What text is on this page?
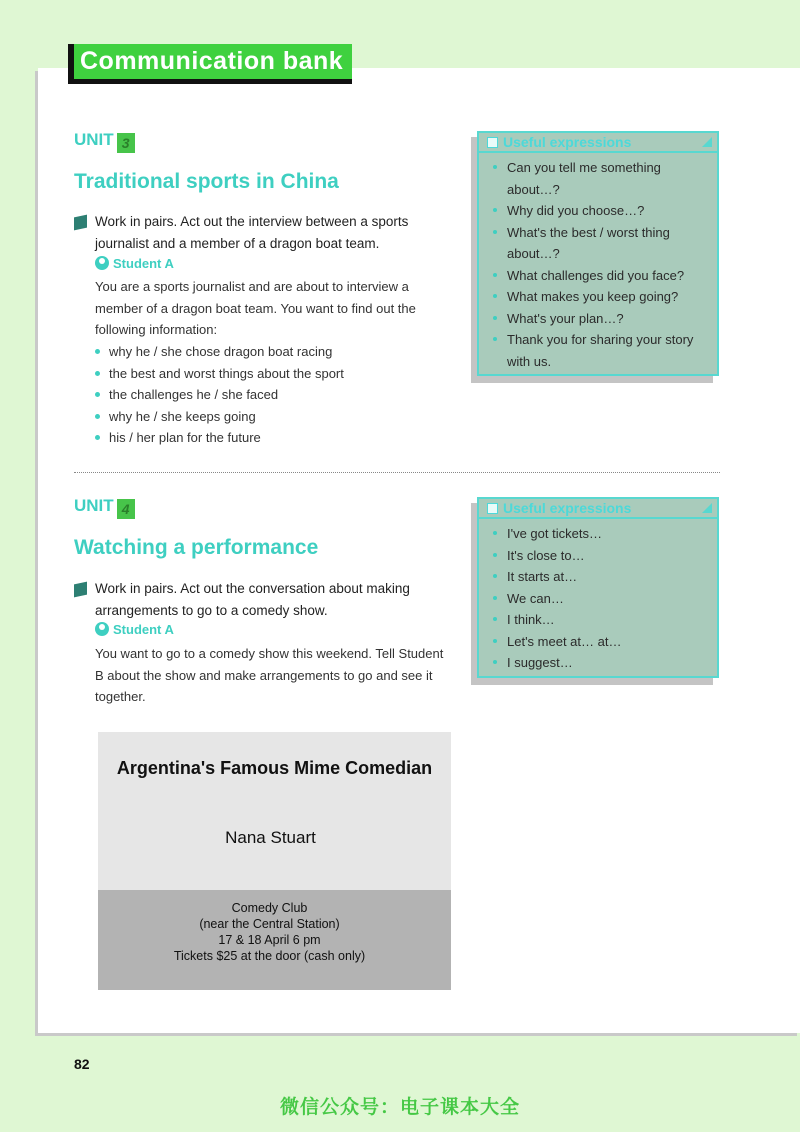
Communication bank
UNIT 3
Traditional sports in China
Work in pairs. Act out the interview between a sports journalist and a member of a dragon boat team.
Student A
You are a sports journalist and are about to interview a member of a dragon boat team. You want to find out the following information:
why he / she chose dragon boat racing
the best and worst things about the sport
the challenges he / she faced
why he / she keeps going
his / her plan for the future
Useful expressions
Can you tell me something about…?
Why did you choose…?
What's the best / worst thing about…?
What challenges did you face?
What makes you keep going?
What's your plan…?
Thank you for sharing your story with us.
UNIT 4
Watching a performance
Work in pairs. Act out the conversation about making arrangements to go to a comedy show.
Student A
You want to go to a comedy show this weekend. Tell Student B about the show and make arrangements to go and see it together.
Useful expressions
I've got tickets…
It's close to…
It starts at…
We can…
I think…
Let's meet at… at…
I suggest…
Argentina's Famous Mime Comedian
Nana Stuart
Comedy Club
(near the Central Station)
17 & 18 April 6 pm
Tickets $25 at the door (cash only)
82
微信公众号：电子课本大全
